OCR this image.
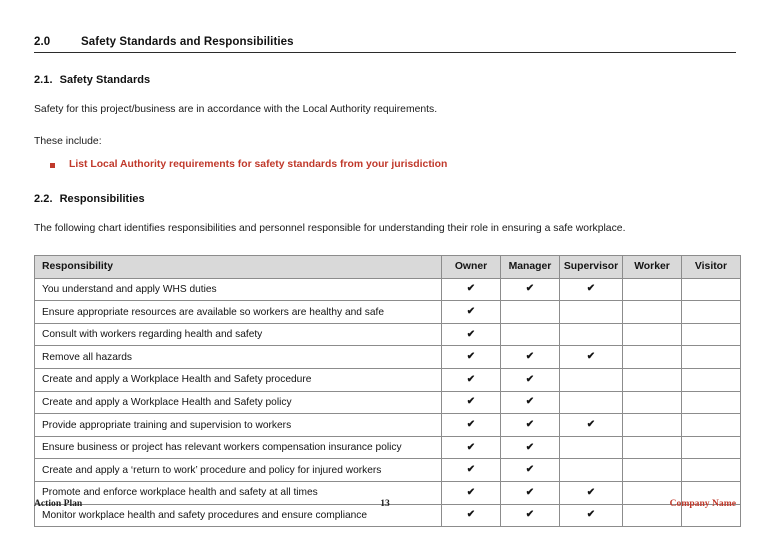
2.0	Safety Standards and Responsibilities
2.1. Safety Standards
Safety for this project/business are in accordance with the Local Authority requirements.
These include:
List Local Authority requirements for safety standards from your jurisdiction
2.2. Responsibilities
The following chart identifies responsibilities and personnel responsible for understanding their role in ensuring a safe workplace.
Responsibility	Owner	Manager	Supervisor	Worker	Visitor
You understand and apply WHS duties	✔	✔	✔		
Ensure appropriate resources are available so workers are healthy and safe	✔				
Consult with workers regarding health and safety	✔				
Remove all hazards	✔	✔	✔		
Create and apply a Workplace Health and Safety procedure	✔	✔			
Create and apply a Workplace Health and Safety policy	✔	✔			
Provide appropriate training and supervision to workers	✔	✔	✔		
Ensure business or project has relevant workers compensation insurance policy	✔	✔			
Create and apply a ‘return to work’ procedure and policy for injured workers	✔	✔			
Promote and enforce workplace health and safety at all times	✔	✔	✔		
Monitor workplace health and safety procedures and ensure compliance	✔	✔	✔		
Action Plan	13	Company Name
